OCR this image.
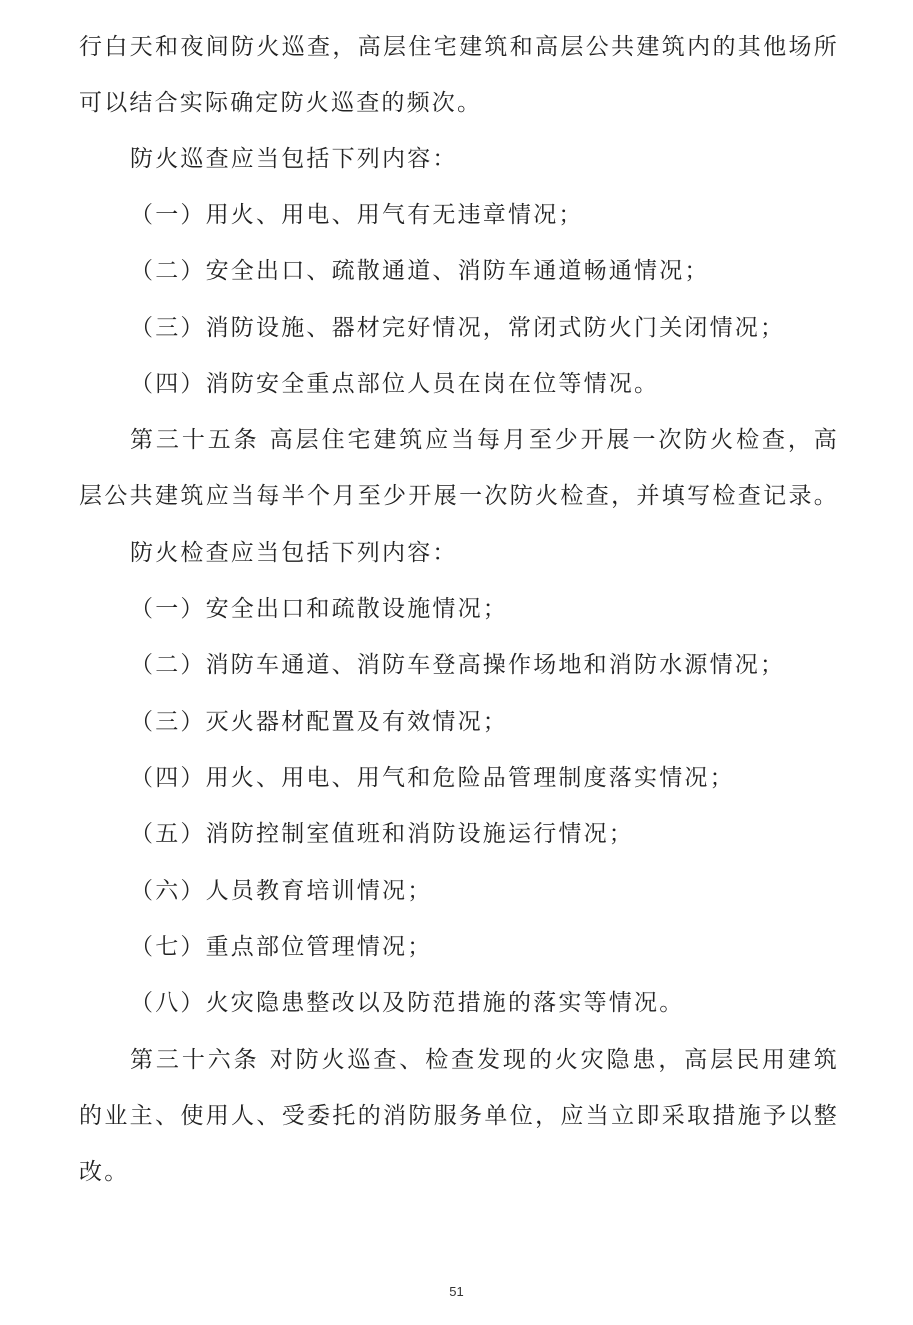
行白天和夜间防火巡查，高层住宅建筑和高层公共建筑内的其他场所
可以结合实际确定防火巡查的频次。
防火巡查应当包括下列内容：
（一）用火、用电、用气有无违章情况；
（二）安全出口、疏散通道、消防车通道畅通情况；
（三）消防设施、器材完好情况，常闭式防火门关闭情况；
（四）消防安全重点部位人员在岗在位等情况。
第三十五条 高层住宅建筑应当每月至少开展一次防火检查，高
层公共建筑应当每半个月至少开展一次防火检查，并填写检查记录。
防火检查应当包括下列内容：
（一）安全出口和疏散设施情况；
（二）消防车通道、消防车登高操作场地和消防水源情况；
（三）灭火器材配置及有效情况；
（四）用火、用电、用气和危险品管理制度落实情况；
（五）消防控制室值班和消防设施运行情况；
（六）人员教育培训情况；
（七）重点部位管理情况；
（八）火灾隐患整改以及防范措施的落实等情况。
第三十六条 对防火巡查、检查发现的火灾隐患，高层民用建筑
的业主、使用人、受委托的消防服务单位，应当立即采取措施予以整
改。
51
